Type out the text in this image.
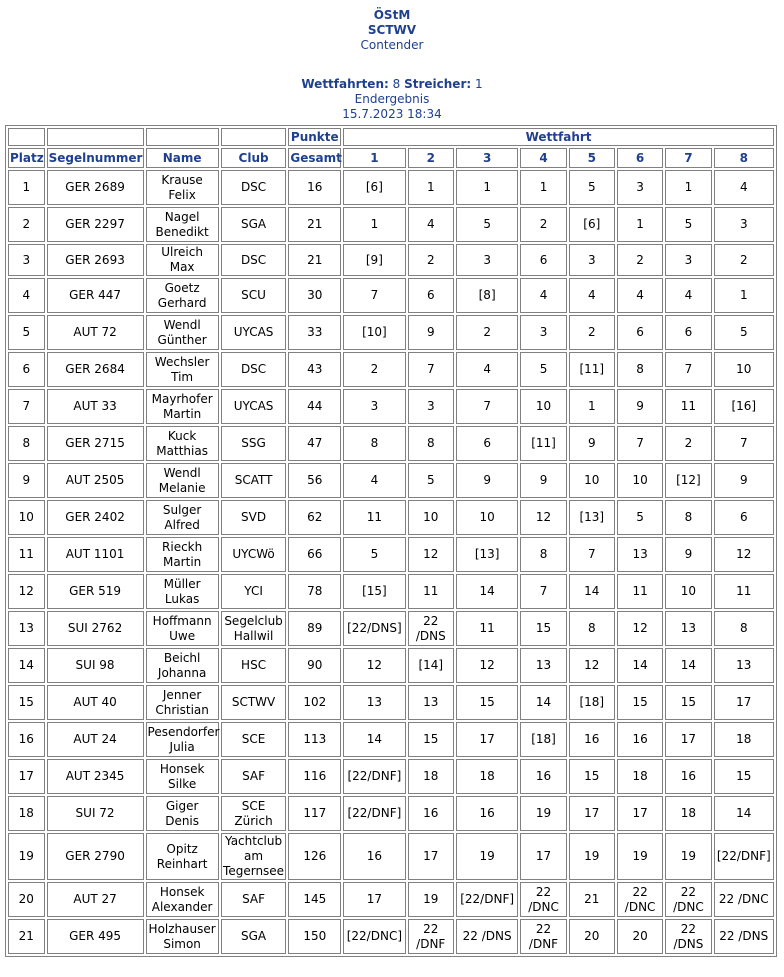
ÖStM
SCTWV
Contender
Wettfahrten: 8 Streicher: 1
Endergebnis
15.7.2023 18:34
				Punkte	Wettfahrt							
Platz	Segelnummer	Name	Club	Gesamt	1	2	3	4	5	6	7	8
1	GER 2689	Krause Felix	DSC	16	[6]	1	1	1	5	3	1	4
2	GER 2297	Nagel Benedikt	SGA	21	1	4	5	2	[6]	1	5	3
3	GER 2693	Ulreich Max	DSC	21	[9]	2	3	6	3	2	3	2
4	GER 447	Goetz Gerhard	SCU	30	7	6	[8]	4	4	4	4	1
5	AUT 72	Wendl Günther	UYCAS	33	[10]	9	2	3	2	6	6	5
6	GER 2684	Wechsler Tim	DSC	43	2	7	4	5	[11]	8	7	10
7	AUT 33	Mayrhofer Martin	UYCAS	44	3	3	7	10	1	9	11	[16]
8	GER 2715	Kuck Matthias	SSG	47	8	8	6	[11]	9	7	2	7
9	AUT 2505	Wendl Melanie	SCATT	56	4	5	9	9	10	10	[12]	9
10	GER 2402	Sulger Alfred	SVD	62	11	10	10	12	[13]	5	8	6
11	AUT 1101	Rieckh Martin	UYCWö	66	5	12	[13]	8	7	13	9	12
12	GER 519	Müller Lukas	YCI	78	[15]	11	14	7	14	11	10	11
13	SUI 2762	Hoffmann Uwe	Segelclub Hallwil	89	[22/DNS]	22 /DNS	11	15	8	12	13	8
14	SUI 98	Beichl Johanna	HSC	90	12	[14]	12	13	12	14	14	13
15	AUT 40	Jenner Christian	SCTWV	102	13	13	15	14	[18]	15	15	17
16	AUT 24	Pesendorfer Julia	SCE	113	14	15	17	[18]	16	16	17	18
17	AUT 2345	Honsek Silke	SAF	116	[22/DNF]	18	18	16	15	18	16	15
18	SUI 72	Giger Denis	SCE Zürich	117	[22/DNF]	16	16	19	17	17	18	14
19	GER 2790	Opitz Reinhart	Yachtclub am Tegernsee	126	16	17	19	17	19	19	19	[22/DNF]
20	AUT 27	Honsek Alexander	SAF	145	17	19	[22/DNF]	22 /DNC	21	22 /DNC	22 /DNC	22 /DNC
21	GER 495	Holzhauser Simon	SGA	150	[22/DNC]	22 /DNF	22 /DNS	22 /DNF	20	20	22 /DNS	22 /DNS
